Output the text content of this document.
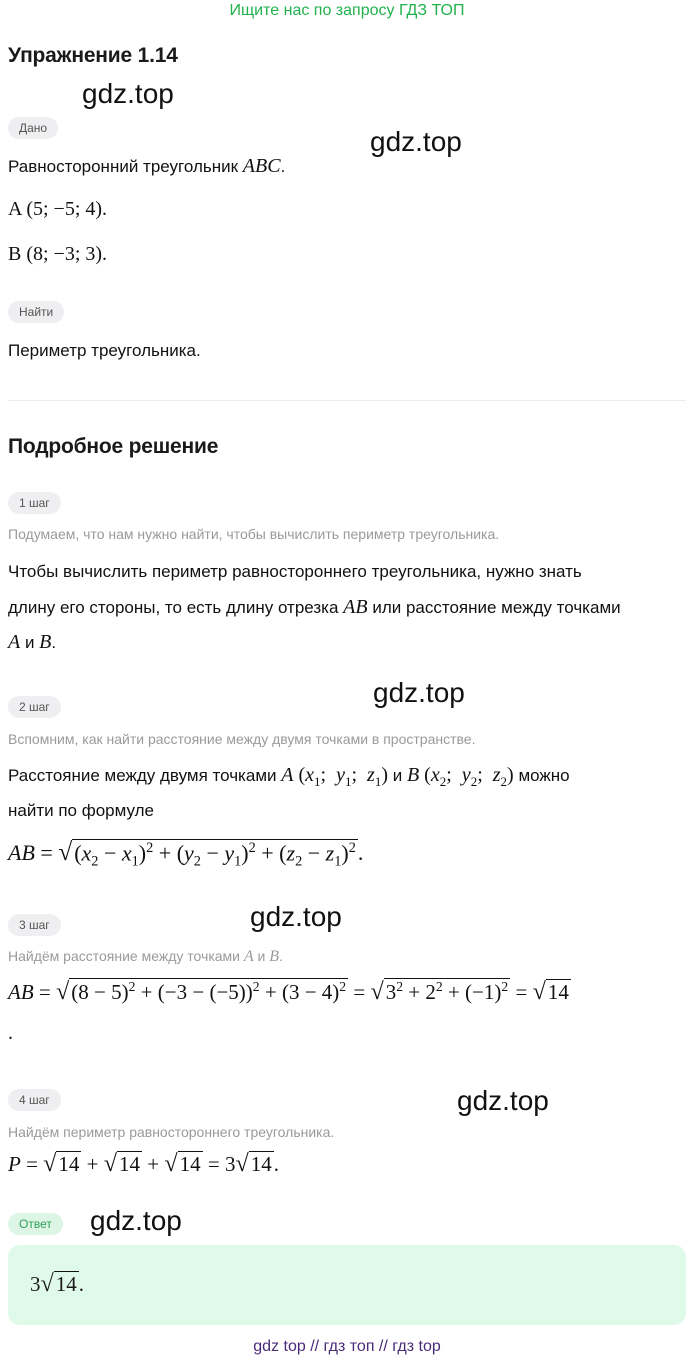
Ищите нас по запросу ГДЗ ТОП
Упражнение 1.14
gdz.top
Дано	gdz.top
Равносторонний треугольник ABC.
A (5; −5; 4).
B (8; −3; 3).
Найти
Периметр треугольника.
Подробное решение
1 шаг
Подумаем, что нам нужно найти, чтобы вычислить периметр треугольника.
Чтобы вычислить периметр равностороннего треугольника, нужно знать
длину его стороны, то есть длину отрезка AB или расстояние между точками
A и B.
gdz.top
2 шаг
Вспомним, как найти расстояние между двумя точками в пространстве.
Расстояние между двумя точками A ($x_1$;  $y_1$;  $z_1$) и B ($x_2$;  $y_2$;  $z_2$) можно
найти по формуле
AB = $√(x_2 - x_1)^2 + (y_2 - y_1)^2 + (z_2 - z_1)^2$.
gdz.top
3 шаг
Найдём расстояние между точками A и B.
AB = $√(8 - 5)^2 + (-3 - (-5))^2 + (3 - 4)^2 = √3^2 + 2^2 + (-1)^2 = √14$
.
4 шаг	gdz.top
Найдём периметр равностороннего треугольника.
P = √14 + √14 + √14 = 3√14.
Ответ	gdz.top
3√14.
gdz top // гдз топ // гдз top
